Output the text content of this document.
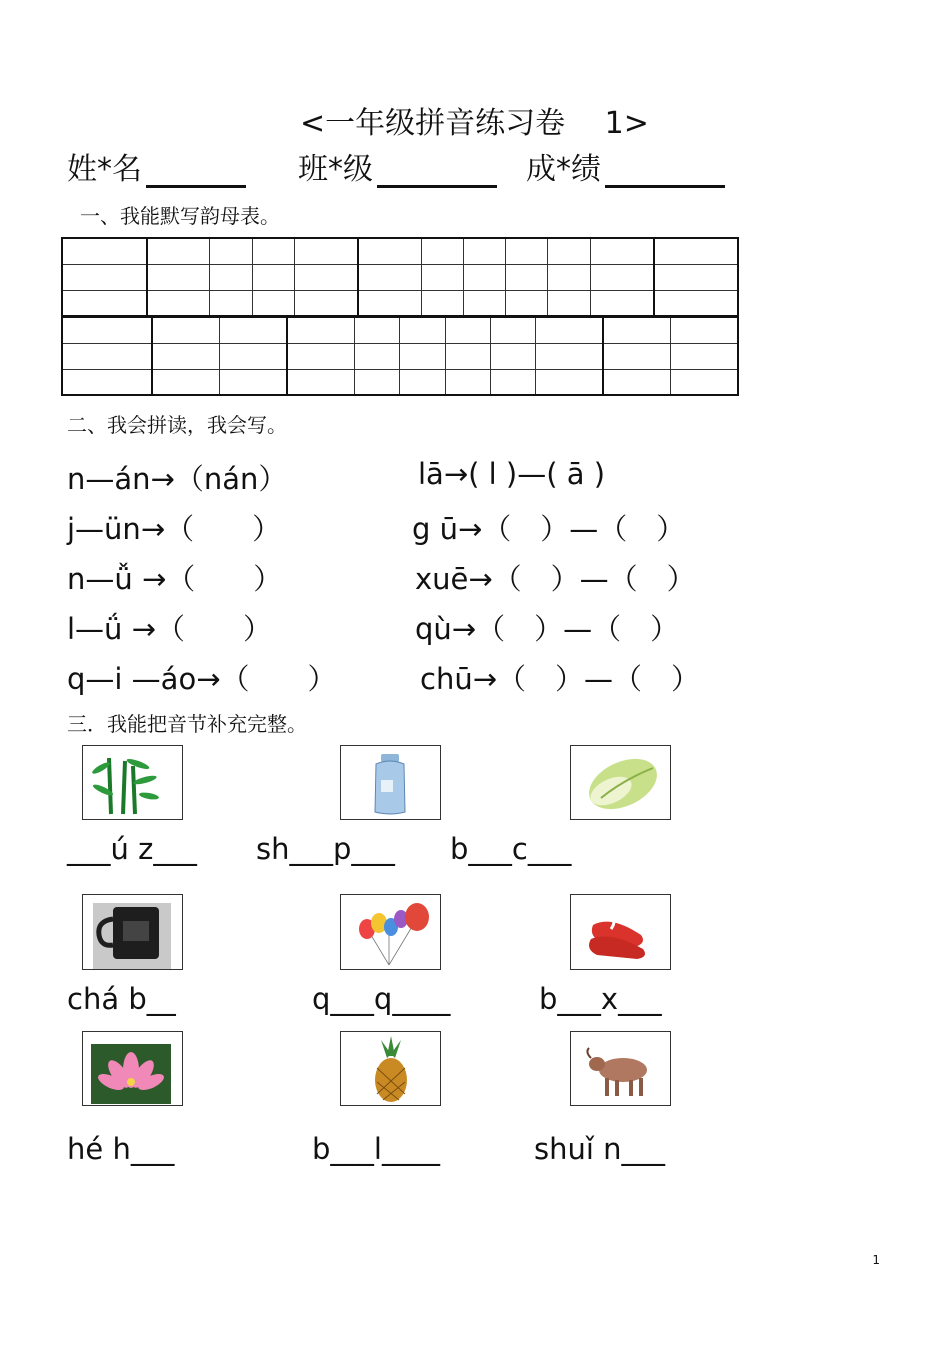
<一年级拼音练习卷　 1>
姓*名	班*级	成*绩
一、我能默写韵母表。

二、我会拼读，我会写。
n—án→（nán）
j—ün→（　　）
n—ǚ →（　　）
l—ǘ →（　　）
q—i —áo→（　　）
lā→( l )—( ā )
g ū→（　）—（　）
xuē→（　）—（　）
qù→（　）—（　）
chū→（　）—（　）
三．我能把音节补充完整。
___ú z___ sh___p___ b___c___
chá b__	q___q____	b___x___
hé h___	b___l____	shuǐ n___
1
